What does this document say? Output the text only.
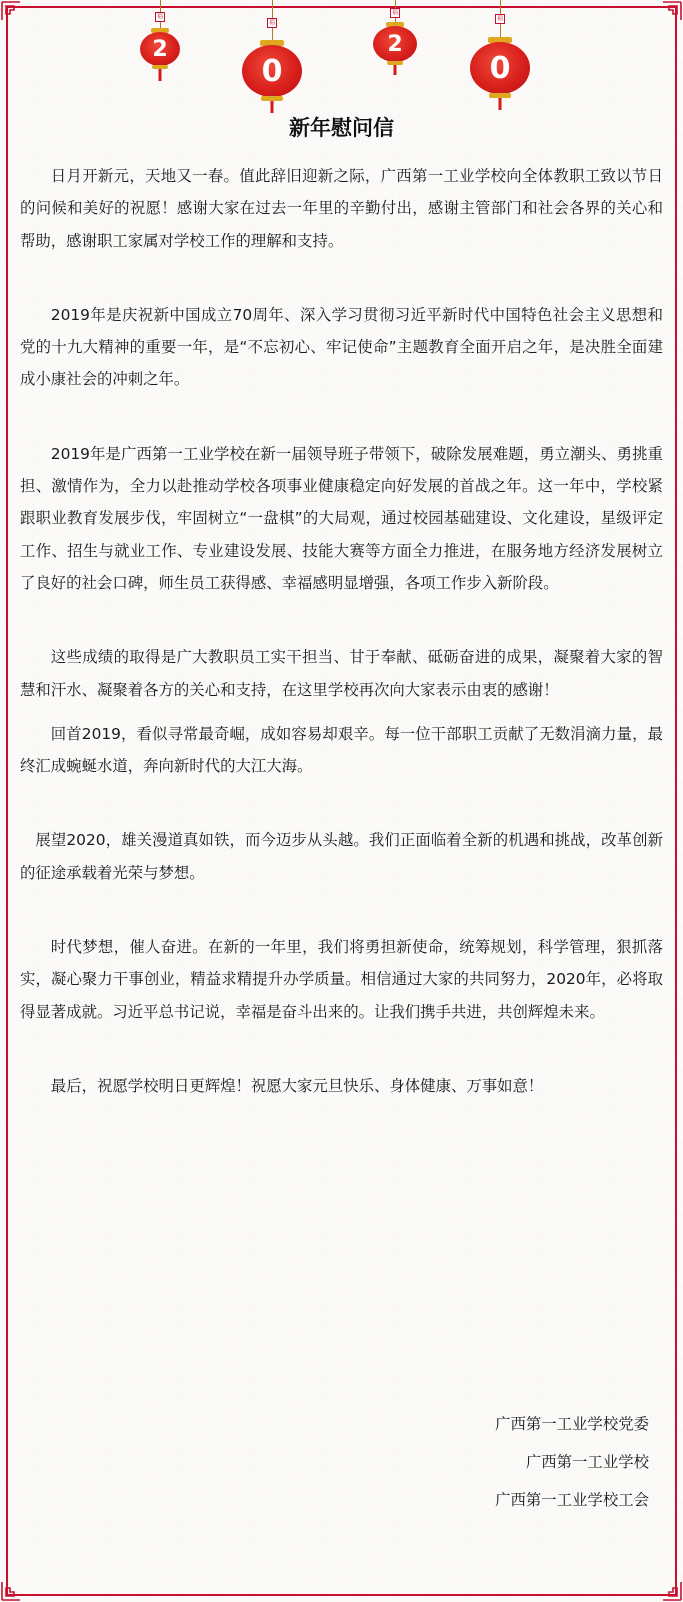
福
2
福
0
福
2
福
0
新年慰问信

日月开新元，天地又一春。值此辞旧迎新之际，广西第一工业学校向全体教职工致以节日的问候和美好的祝愿！感谢大家在过去一年里的辛勤付出，感谢主管部门和社会各界的关心和帮助，感谢职工家属对学校工作的理解和支持。

2019年是庆祝新中国成立70周年、深入学习贯彻习近平新时代中国特色社会主义思想和党的十九大精神的重要一年，是“不忘初心、牢记使命”主题教育全面开启之年，是决胜全面建成小康社会的冲刺之年。

2019年是广西第一工业学校在新一届领导班子带领下，破除发展难题，勇立潮头、勇挑重担、激情作为，全力以赴推动学校各项事业健康稳定向好发展的首战之年。这一年中，学校紧跟职业教育发展步伐，牢固树立“一盘棋”的大局观，通过校园基础建设、文化建设，星级评定工作、招生与就业工作、专业建设发展、技能大赛等方面全力推进，在服务地方经济发展树立了良好的社会口碑，师生员工获得感、幸福感明显增强，各项工作步入新阶段。

这些成绩的取得是广大教职员工实干担当、甘于奉献、砥砺奋进的成果，凝聚着大家的智慧和汗水、凝聚着各方的关心和支持，在这里学校再次向大家表示由衷的感谢！

回首2019，看似寻常最奇崛，成如容易却艰辛。每一位干部职工贡献了无数涓滴力量，最终汇成蜿蜒水道，奔向新时代的大江大海。

展望2020，雄关漫道真如铁，而今迈步从头越。我们正面临着全新的机遇和挑战，改革创新的征途承载着光荣与梦想。

时代梦想，催人奋进。在新的一年里，我们将勇担新使命，统筹规划，科学管理，狠抓落实，凝心聚力干事创业，精益求精提升办学质量。相信通过大家的共同努力，2020年，必将取得显著成就。习近平总书记说，幸福是奋斗出来的。让我们携手共进，共创辉煌未来。

最后，祝愿学校明日更辉煌！祝愿大家元旦快乐、身体健康、万事如意！

广西第一工业学校党委
广西第一工业学校
广西第一工业学校工会
